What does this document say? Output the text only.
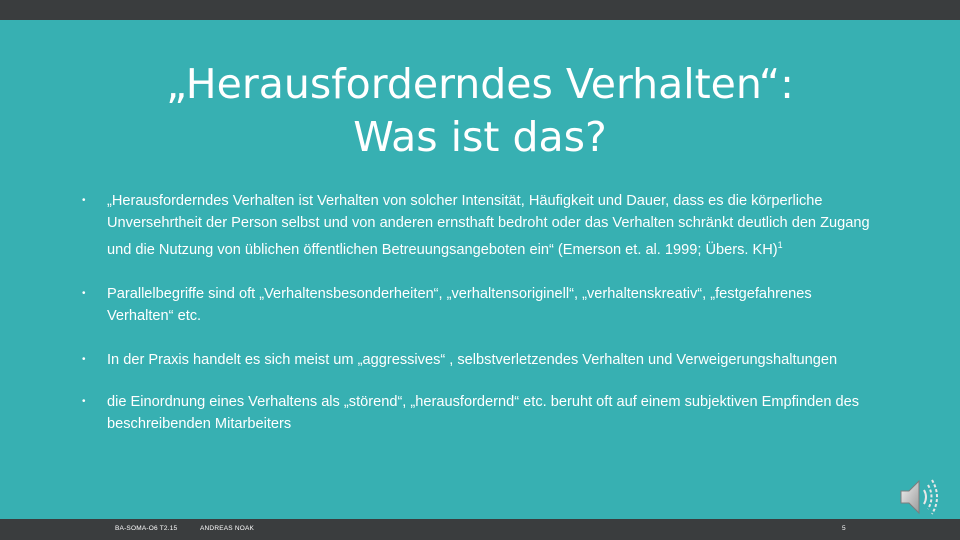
„Herausforderndes Verhalten“:
Was ist das?
•	„Herausforderndes Verhalten ist Verhalten von solcher Intensität, Häufigkeit und Dauer, dass es die körperliche Unversehrtheit der Person selbst und von anderen ernsthaft bedroht oder das Verhalten schränkt deutlich den Zugang und die Nutzung von üblichen öffentlichen Betreuungsangeboten ein“ (Emerson et. al. 1999; Übers. KH)$^1$
•	Parallelbegriffe sind oft „Verhaltensbesonderheiten“, „verhaltensoriginell“, „verhaltenskreativ“, „festgefahrenes Verhalten“ etc.
•	In der Praxis handelt es sich meist um „aggressives“ , selbstverletzendes Verhalten und Verweigerungshaltungen
•	die Einordnung eines Verhaltens als „störend“, „herausfordernd“ etc. beruht oft auf einem subjektiven Empfinden des beschreibenden Mitarbeiters
BA-SOMA-O6 T2.15	ANDREAS NOAK	5
